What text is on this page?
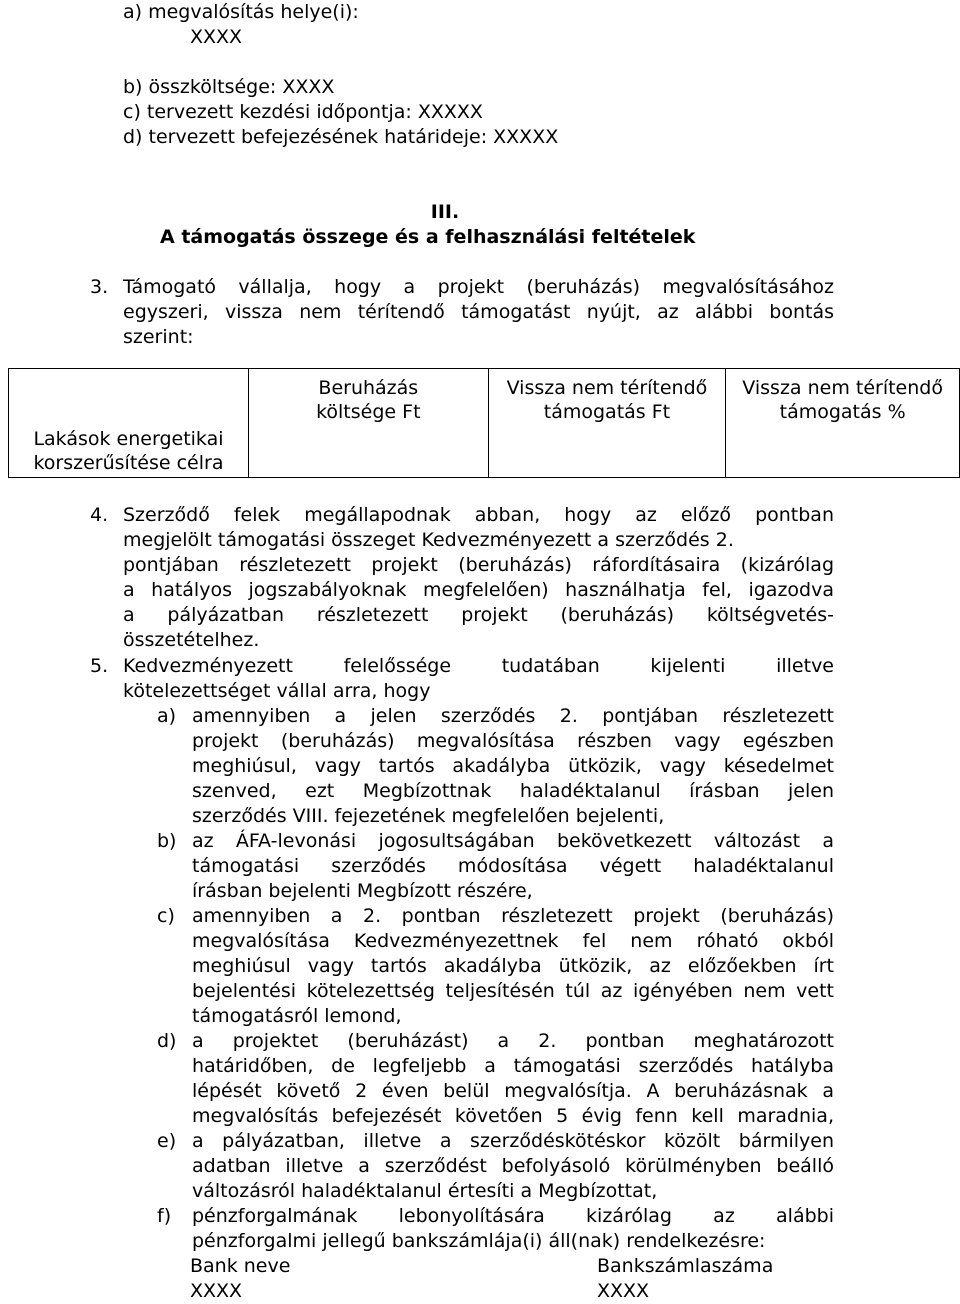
a) megvalósítás helye(i):
XXXX
b) összköltsége: XXXX
c) tervezett kezdési időpontja: XXXXX
d) tervezett befejezésének határideje: XXXXX
III.
A támogatás összege és a felhasználási feltételek
3. Támogató vállalja, hogy a projekt (beruházás) megvalósításához
egyszeri, vissza nem térítendő támogatást nyújt, az alábbi bontás
szerint:
Lakások energetikai
korszerűsítése célra

Beruházás
költsége Ft

Vissza nem térítendő
támogatás Ft

Vissza nem térítendő
támogatás %
4. Szerződő felek megállapodnak abban, hogy az előző pontban
megjelölt támogatási összeget Kedvezményezett a szerződés 2.
pontjában részletezett projekt (beruházás) ráfordításaira (kizárólag
a hatályos jogszabályoknak megfelelően) használhatja fel, igazodva
a pályázatban részletezett projekt (beruházás) költségvetés-
összetételhez.
5. Kedvezményezett felelőssége tudatában kijelenti illetve
kötelezettséget vállal arra, hogy
a) amennyiben a jelen szerződés 2. pontjában részletezett
projekt (beruházás) megvalósítása részben vagy egészben
meghiúsul, vagy tartós akadályba ütközik, vagy késedelmet
szenved, ezt Megbízottnak haladéktalanul írásban jelen
szerződés VIII. fejezetének megfelelően bejelenti,
b) az ÁFA-levonási jogosultságában bekövetkezett változást a
támogatási szerződés módosítása végett haladéktalanul
írásban bejelenti Megbízott részére,
c) amennyiben a 2. pontban részletezett projekt (beruházás)
megvalósítása Kedvezményezettnek fel nem róható okból
meghiúsul vagy tartós akadályba ütközik, az előzőekben írt
bejelentési kötelezettség teljesítésén túl az igényében nem vett
támogatásról lemond,
d) a projektet (beruházást) a 2. pontban meghatározott
határidőben, de legfeljebb a támogatási szerződés hatályba
lépését követő 2 éven belül megvalósítja. A beruházásnak a
megvalósítás befejezését követően 5 évig fenn kell maradnia,
e) a pályázatban, illetve a szerződéskötéskor közölt bármilyen
adatban illetve a szerződést befolyásoló körülményben beálló
változásról haladéktalanul értesíti a Megbízottat,
f) pénzforgalmának lebonyolítására kizárólag az alábbi
pénzforgalmi jellegű bankszámlája(i) áll(nak) rendelkezésre:
Bank neve	Bankszámlaszáma
XXXX	XXXX
